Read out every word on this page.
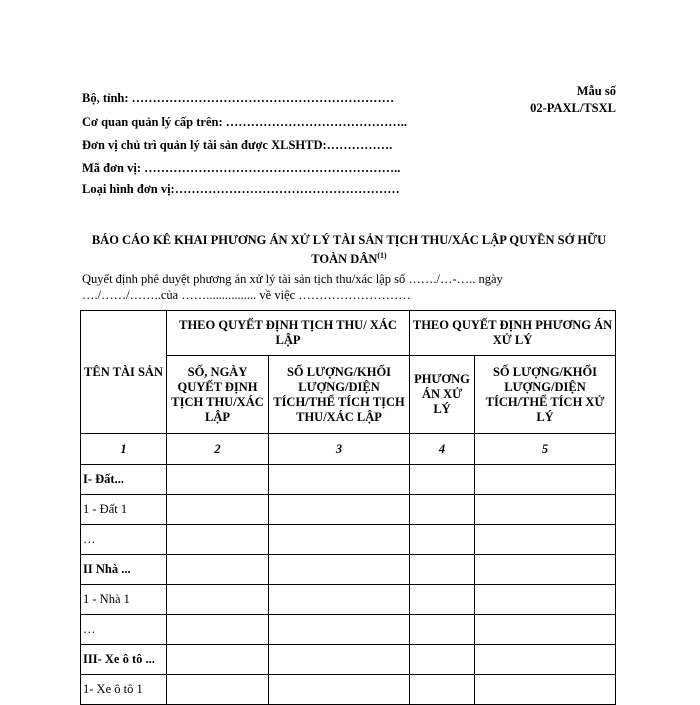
Mẫu số
02-PAXL/TSXL
Bộ, tỉnh: ………………………………………………………
Cơ quan quản lý cấp trên: ……………………………………..
Đơn vị chủ trì quản lý tài sản được XLSHTD:…………….
Mã đơn vị: ……………………………………………………..
Loại hình đơn vị:………………………………………………
BÁO CÁO KÊ KHAI PHƯƠNG ÁN XỬ LÝ TÀI SẢN TỊCH THU/XÁC LẬP QUYỀN SỞ HỮU TOÀN DÂN$^{(1)}$
Quyết định phê duyệt phương án xử lý tài sản tịch thu/xác lập số ……./…-….. ngày
…./……/……..của ……................ về việc ………………………
TÊN TÀI SẢN	THEO QUYẾT ĐỊNH TỊCH THU/ XÁC LẬP		THEO QUYẾT ĐỊNH PHƯƠNG ÁN XỬ LÝ	
	SỐ, NGÀY QUYẾT ĐỊNH TỊCH THU/XÁC LẬP	SỐ LƯỢNG/KHỐI LƯỢNG/DIỆN TÍCH/THỂ TÍCH TỊCH THU/XÁC LẬP	PHƯƠNG ÁN XỬ LÝ	SỐ LƯỢNG/KHỐI LƯỢNG/DIỆN TÍCH/THỂ TÍCH XỬ LÝ
1	2	3	4	5
I- Đất...				
1 - Đất 1				
…				
II Nhà ...				
1 - Nhà 1				
…				
III- Xe ô tô ...				
1- Xe ô tô 1				
